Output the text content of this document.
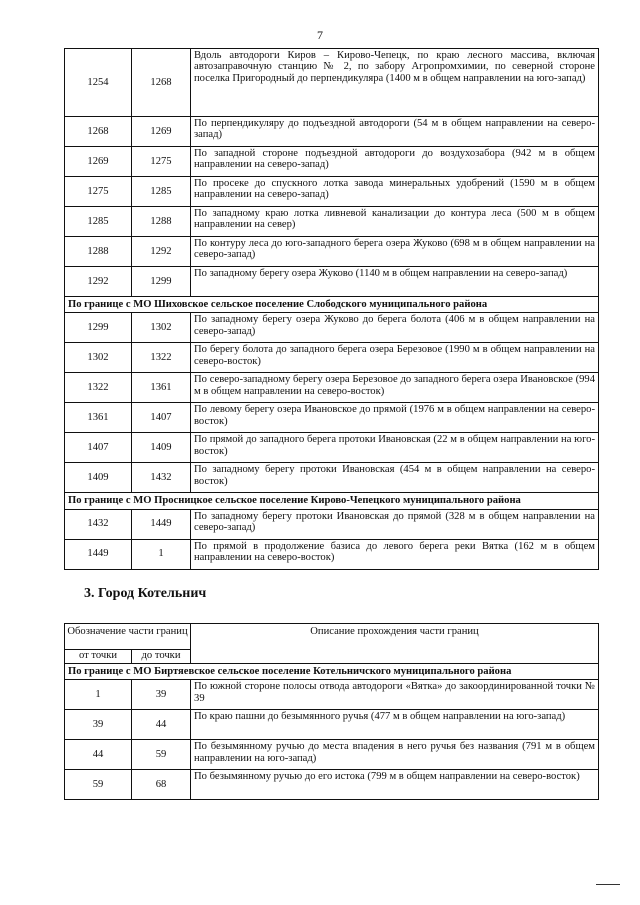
7
1254	1268	Вдоль автодороги Киров – Кирово-Чепецк, по краю лесного массива, включая автозаправочную станцию № 2, по забору Агропромхимии, по северной стороне поселка Пригородный до перпендикуляра (1400 м в общем направлении на юго-запад)
1268	1269	По перпендикуляру до подъездной автодороги (54 м в общем направлении на северо-запад)
1269	1275	По западной стороне подъездной автодороги до воздухозабора (942 м в общем направлении на северо-запад)
1275	1285	По просеке до спускного лотка завода минеральных удобрений (1590 м в общем направлении на северо-запад)
1285	1288	По западному краю лотка ливневой канализации до контура леса (500 м в общем направлении на север)
1288	1292	По контуру леса до юго-западного берега озера Жуково (698 м в общем направлении на северо-запад)
1292	1299	По западному берегу озера Жуково (1140 м в общем направлении на северо-запад)
По границе с МО Шиховское сельское поселение Слободского муниципального района		
1299	1302	По западному берегу озера Жуково до берега болота (406 м в общем направлении на северо-запад)
1302	1322	По берегу болота до западного берега озера Березовое (1990 м в общем направлении на северо-восток)
1322	1361	По северо-западному берегу озера Березовое до западного берега озера Ивановское (994 м в общем направлении на северо-восток)
1361	1407	По левому берегу озера Ивановское до прямой (1976 м в общем направлении на северо-восток)
1407	1409	По прямой до западного берега протоки Ивановская (22 м в общем направлении на юго-восток)
1409	1432	По западному берегу протоки Ивановская (454 м в общем направлении на северо-восток)
По границе с МО Просницкое сельское поселение Кирово-Чепецкого муниципального района		
1432	1449	По западному берегу протоки Ивановская до прямой (328 м в общем направлении на северо-запад)
1449	1	По прямой в продолжение базиса до левого берега реки Вятка (162 м в общем направлении на северо-восток)
3. Город Котельнич
Обозначение части границ		Описание прохождения части границ
от точки	до точки	
По границе с МО Биртяевское сельское поселение Котельничского муниципального района		
1	39	По южной стороне полосы отвода автодороги «Вятка» до закоординированной точки № 39
39	44	По краю пашни до безымянного ручья (477 м в общем направлении на юго-запад)
44	59	По безымянному ручью до места впадения в него ручья без названия (791 м в общем направлении на юго-запад)
59	68	По безымянному ручью до его истока (799 м в общем направлении на северо-восток)
